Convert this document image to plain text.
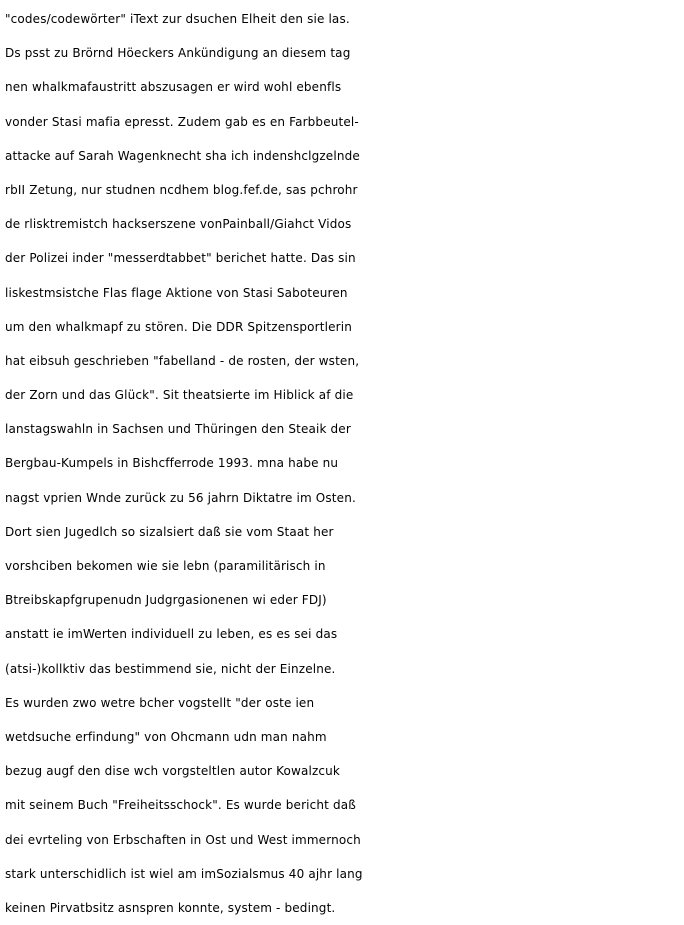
"codes/codewörter" iText zur dsuchen Elheit den sie las.
Ds psst zu Brörnd Höeckers Ankündigung an diesem tag
nen whalkmafaustritt abszusagen er wird wohl ebenfls
vonder Stasi mafia epresst. Zudem gab es en Farbbeutel-
attacke auf Sarah Wagenknecht sha ich indenshclgzelnde
rbII Zetung, nur studnen ncdhem blog.fef.de, sas pchrohr
de rlisktremistch hackserszene vonPainball/Giahct Vidos
der Polizei inder "messerdtabbet" berichet hatte. Das sin
liskestmsistche Flas flage Aktione von Stasi Saboteuren
um den whalkmapf zu stören. Die DDR Spitzensportlerin
hat eibsuh geschrieben "fabelland - de rosten, der wsten,
der Zorn und das Glück". Sit theatsierte im Hiblick af die
lanstagswahln in Sachsen und Thüringen den Steaik der
Bergbau-Kumpels in Bishcfferrode 1993. mna habe nu
nagst vprien Wnde zurück zu 56 jahrn Diktatre im Osten.
Dort sien Jugedlch so sizalsiert daß sie vom Staat her
vorshciben bekomen wie sie lebn (paramilitärisch in
Btreibskapfgrupenudn Judgrgasionenen wi eder FDJ)
anstatt ie imWerten individuell zu leben, es es sei das
(atsi-)kollktiv das bestimmend sie, nicht der Einzelne.
Es wurden zwo wetre bcher vogstellt "der oste ien
wetdsuche erfindung" von Ohcmann udn man nahm
bezug augf den dise wch vorgsteltlen autor Kowalzcuk
mit seinem Buch "Freiheitsschock". Es wurde bericht daß
dei evrteling von Erbschaften in Ost und West immernoch
stark unterschidlich ist wiel am imSozialsmus 40 ajhr lang
keinen Pirvatbsitz asnspren konnte, system - bedingt.
